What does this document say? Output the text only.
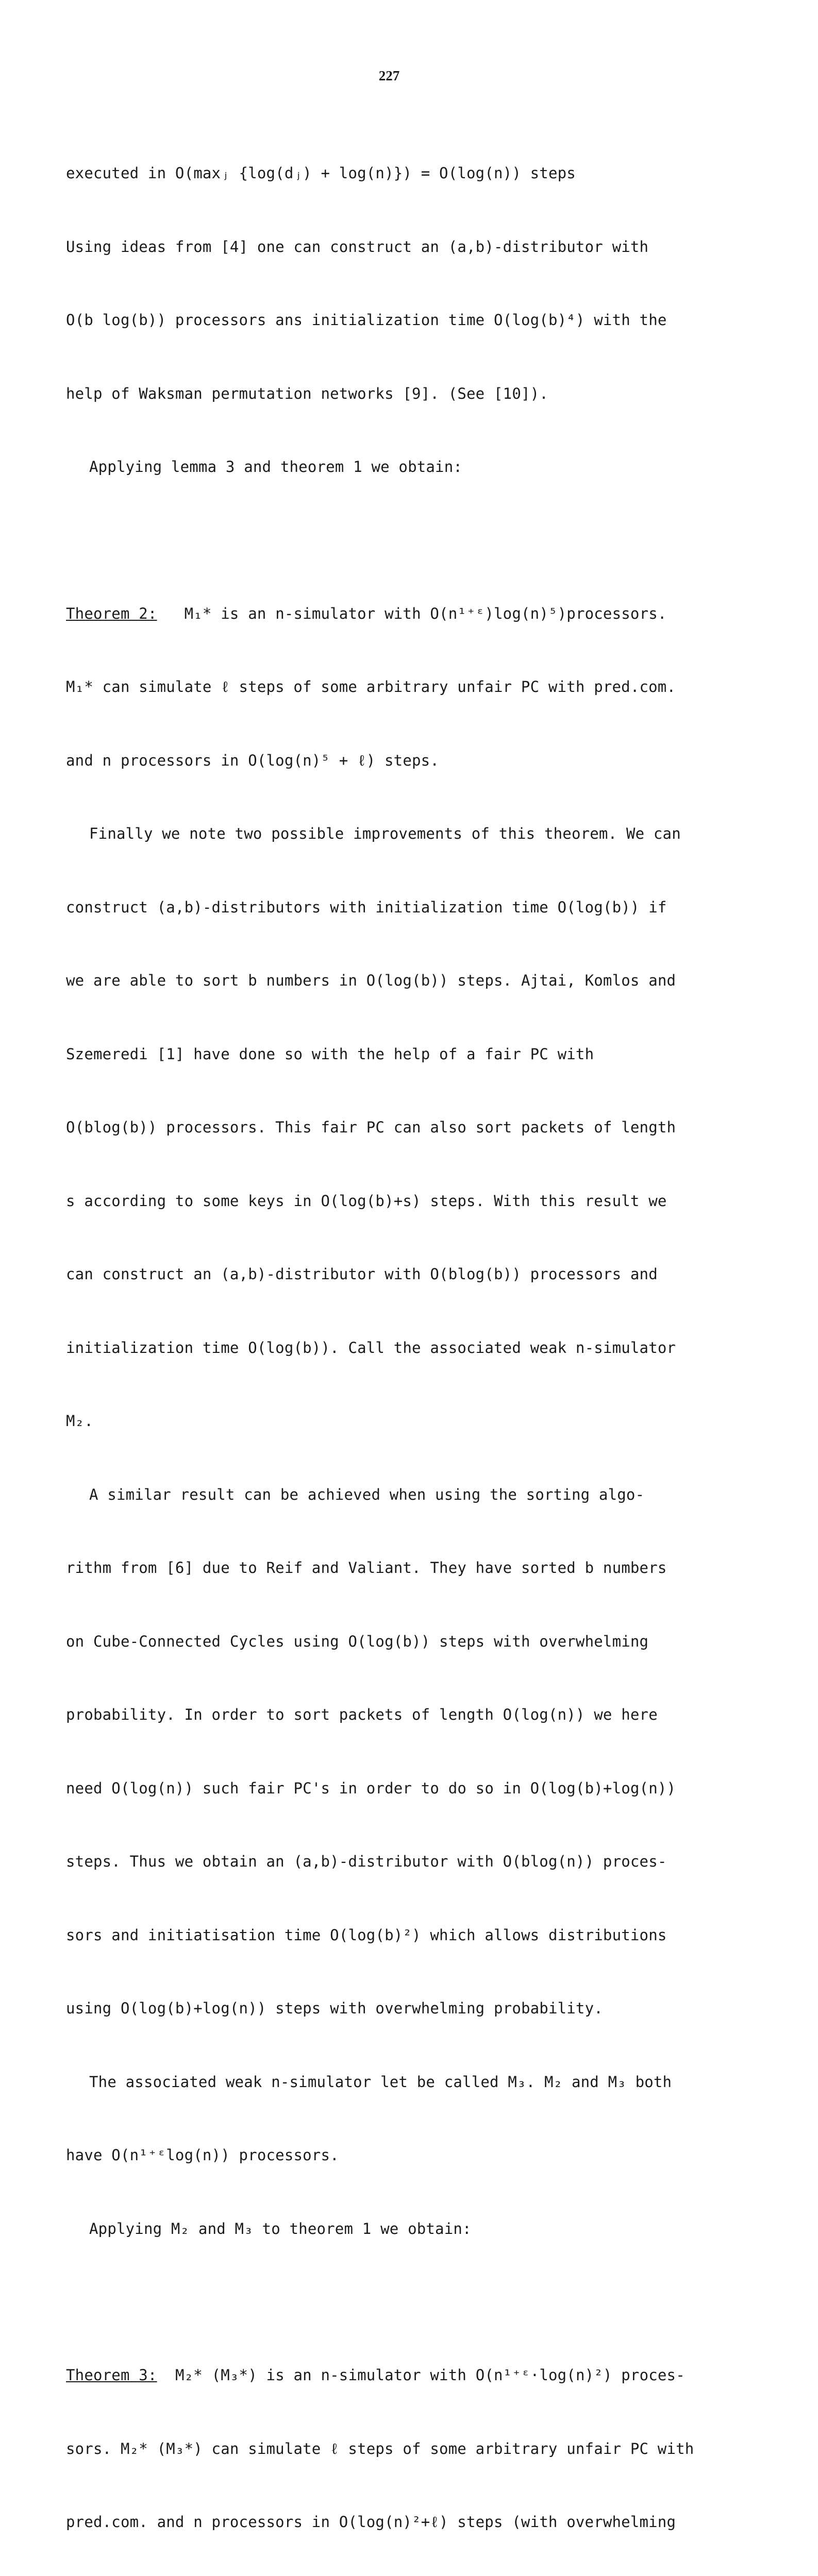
227

executed in O(maxⱼ {log(dⱼ) + log(n)}) = O(log(n)) steps

Using ideas from [4] one can construct an (a,b)-distributor with

O(b log(b)) processors ans initialization time O(log(b)⁴) with the

help of Waksman permutation networks [9]. (See [10]).

Applying lemma 3 and theorem 1 we obtain:

Theorem 2: M₁* is an n-simulator with O(n¹⁺ᵋ)log(n)⁵)processors.

M₁* can simulate ℓ steps of some arbitrary unfair PC with pred.com.

and n processors in O(log(n)⁵ + ℓ) steps.

Finally we note two possible improvements of this theorem. We can

construct (a,b)-distributors with initialization time O(log(b)) if

we are able to sort b numbers in O(log(b)) steps. Ajtai, Komlos and

Szemeredi [1] have done so with the help of a fair PC with

O(blog(b)) processors. This fair PC can also sort packets of length

s according to some keys in O(log(b)+s) steps. With this result we

can construct an (a,b)-distributor with O(blog(b)) processors and

initialization time O(log(b)). Call the associated weak n-simulator

M₂.

A similar result can be achieved when using the sorting algo-

rithm from [6] due to Reif and Valiant. They have sorted b numbers

on Cube-Connected Cycles using O(log(b)) steps with overwhelming

probability. In order to sort packets of length O(log(n)) we here

need O(log(n)) such fair PC's in order to do so in O(log(b)+log(n))

steps. Thus we obtain an (a,b)-distributor with O(blog(n)) proces-

sors and initiatisation time O(log(b)²) which allows distributions

using O(log(b)+log(n)) steps with overwhelming probability.

The associated weak n-simulator let be called M₃. M₂ and M₃ both

have O(n¹⁺ᵋlog(n)) processors.

Applying M₂ and M₃ to theorem 1 we obtain:

Theorem 3: M₂* (M₃*) is an n-simulator with O(n¹⁺ᵋ·log(n)²) proces-

sors. M₂* (M₃*) can simulate ℓ steps of some arbitrary unfair PC with

pred.com. and n processors in O(log(n)²+ℓ) steps (with overwhelming
